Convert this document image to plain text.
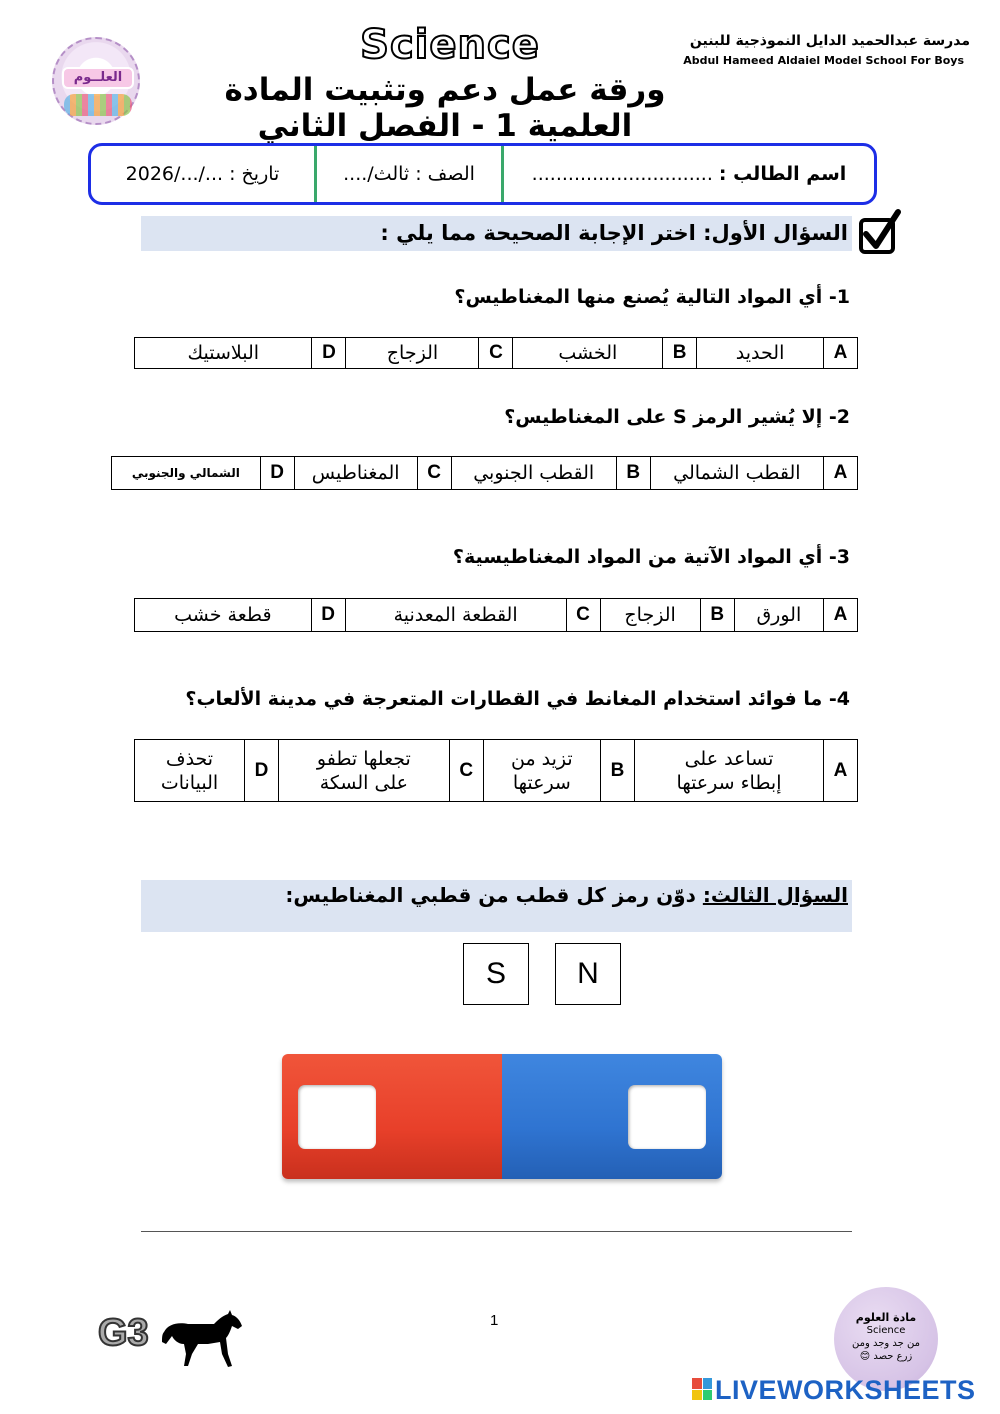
العلــوم
Science
ورقة عمل دعم وتثبيت المادة العلمية 1 - الفصل الثاني
مدرسة عبدالحميد الدايل النموذجية للبنين
Abdul Hameed Aldaiel Model School For Boys
اسم الطالب :
..............................
الصف : ثالث/....
تاريخ : .../.../2026
السؤال الأول: اختر الإجابة الصحيحة مما يلي :
1- أي المواد التالية يُصنع منها المغناطيس؟
A	الحديد	B	الخشب	C	الزجاج	D	البلاستيك
2- إلا يُشير الرمز S على المغناطيس؟
A	القطب الشمالي	B	القطب الجنوبي	C	المغناطيس	D	الشمالي والجنوبي
3- أي المواد الآتية من المواد المغناطيسية؟
A	الورق	B	الزجاج	C	القطعة المعدنية	D	قطعة خشب
4- ما فوائد استخدام المغانط في القطارات المتعرجة في مدينة الألعاب؟
A	
تساعد على
إبطاء سرعتها
	B	
تزيد من
سرعتها
	C	
تجعلها تطفو
على السكة
	D	
تحذف
البيانات
السؤال الثالث: دوّن رمز كل قطب من قطبي المغناطيس:
S	N
1
G3	مادة العلوم
Science
من جد وجد ومن
زرع حصد 😊
LIVEWORKSHEETS
